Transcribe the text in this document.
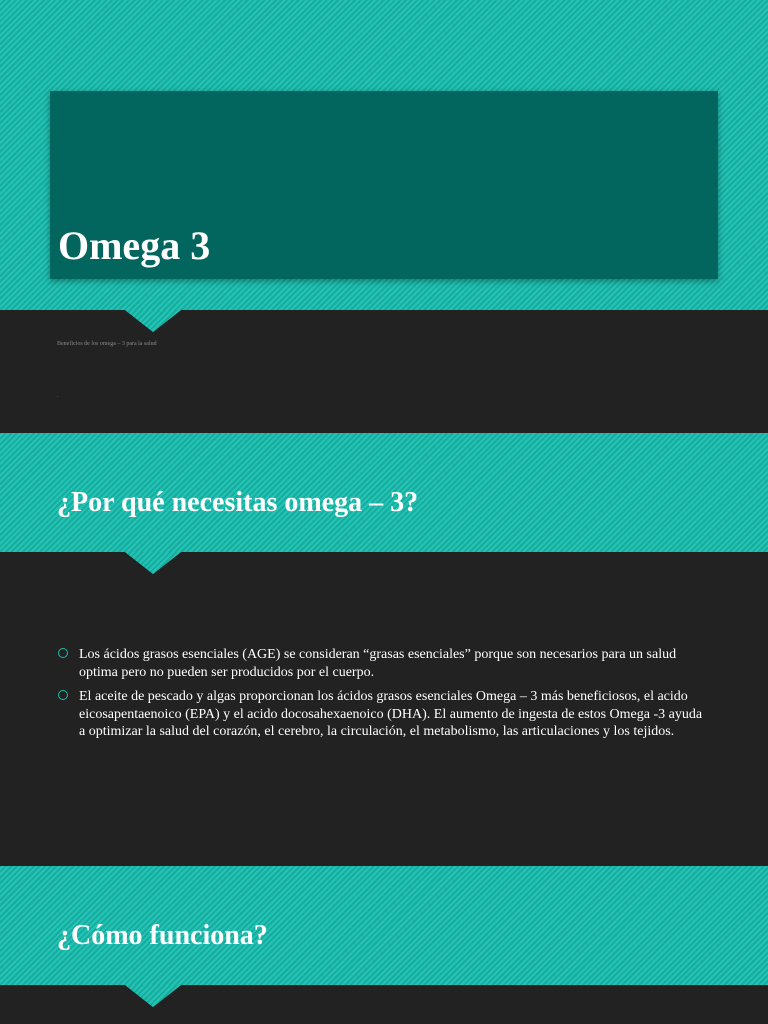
Omega 3

Beneficios de los omega – 3 para la salud

.

¿Por qué necesitas omega – 3?
Los ácidos grasos esenciales (AGE) se consideran “grasas esenciales” porque son necesarios para un salud optima pero no pueden ser producidos por el cuerpo.
El aceite de pescado y algas proporcionan los ácidos grasos esenciales Omega – 3 más beneficiosos, el acido eicosapentaenoico (EPA) y el acido docosahexaenoico (DHA). El aumento de ingesta de estos Omega -3 ayuda a optimizar la salud del corazón, el cerebro, la circulación, el metabolismo, las articulaciones y los tejidos.
¿Cómo funciona?
